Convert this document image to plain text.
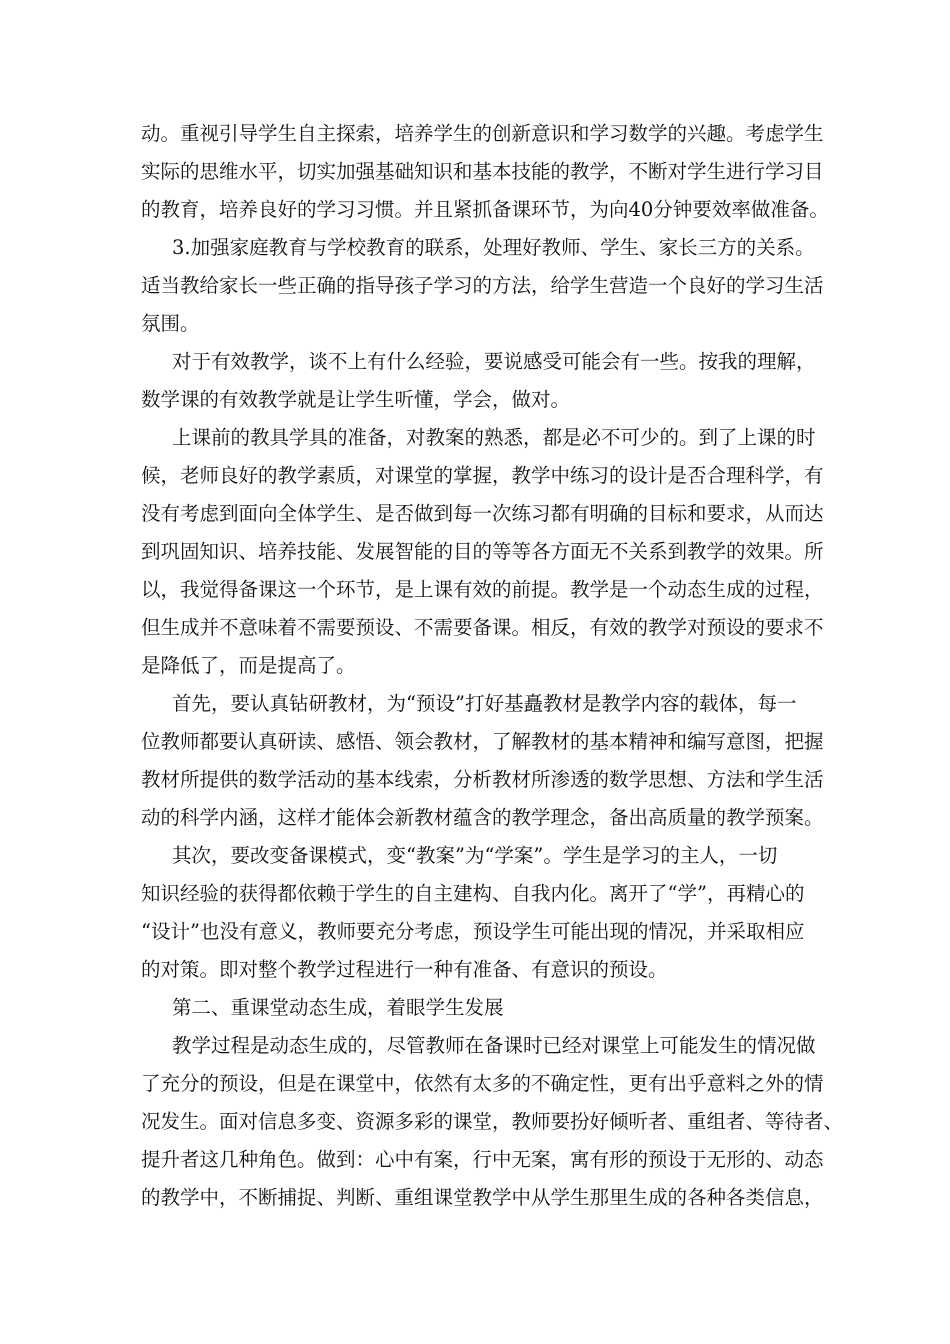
动。重视引导学生自主探索，培养学生的创新意识和学习数学的兴趣。考虑学生
实际的思维水平，切实加强基础知识和基本技能的教学，不断对学生进行学习目
的教育，培养良好的学习习惯。并且紧抓备课环节，为向40分钟要效率做准备。
3.加强家庭教育与学校教育的联系，处理好教师、学生、家长三方的关系。
适当教给家长一些正确的指导孩子学习的方法，给学生营造一个良好的学习生活
氛围。
对于有效教学，谈不上有什么经验，要说感受可能会有一些。按我的理解，
数学课的有效教学就是让学生听懂，学会，做对。
上课前的教具学具的准备，对教案的熟悉，都是必不可少的。到了上课的时
候，老师良好的教学素质，对课堂的掌握，教学中练习的设计是否合理科学，有
没有考虑到面向全体学生、是否做到每一次练习都有明确的目标和要求，从而达
到巩固知识、培养技能、发展智能的目的等等各方面无不关系到教学的效果。所
以，我觉得备课这一个环节，是上课有效的前提。教学是一个动态生成的过程，
但生成并不意味着不需要预设、不需要备课。相反，有效的教学对预设的要求不
是降低了，而是提高了。
首先，要认真钻研教材，为“预设”打好基矗教材是教学内容的载体，每一
位教师都要认真研读、感悟、领会教材，了解教材的基本精神和编写意图，把握
教材所提供的数学活动的基本线索，分析教材所渗透的数学思想、方法和学生活
动的科学内涵，这样才能体会新教材蕴含的教学理念，备出高质量的教学预案。
其次，要改变备课模式，变“教案”为“学案”。学生是学习的主人，一切
知识经验的获得都依赖于学生的自主建构、自我内化。离开了“学”，再精心的
“设计”也没有意义，教师要充分考虑，预设学生可能出现的情况，并采取相应
的对策。即对整个教学过程进行一种有准备、有意识的预设。
第二、重课堂动态生成，着眼学生发展
教学过程是动态生成的，尽管教师在备课时已经对课堂上可能发生的情况做
了充分的预设，但是在课堂中，依然有太多的不确定性，更有出乎意料之外的情
况发生。面对信息多变、资源多彩的课堂，教师要扮好倾听者、重组者、等待者、
提升者这几种角色。做到：心中有案，行中无案，寓有形的预设于无形的、动态
的教学中，不断捕捉、判断、重组课堂教学中从学生那里生成的各种各类信息，
